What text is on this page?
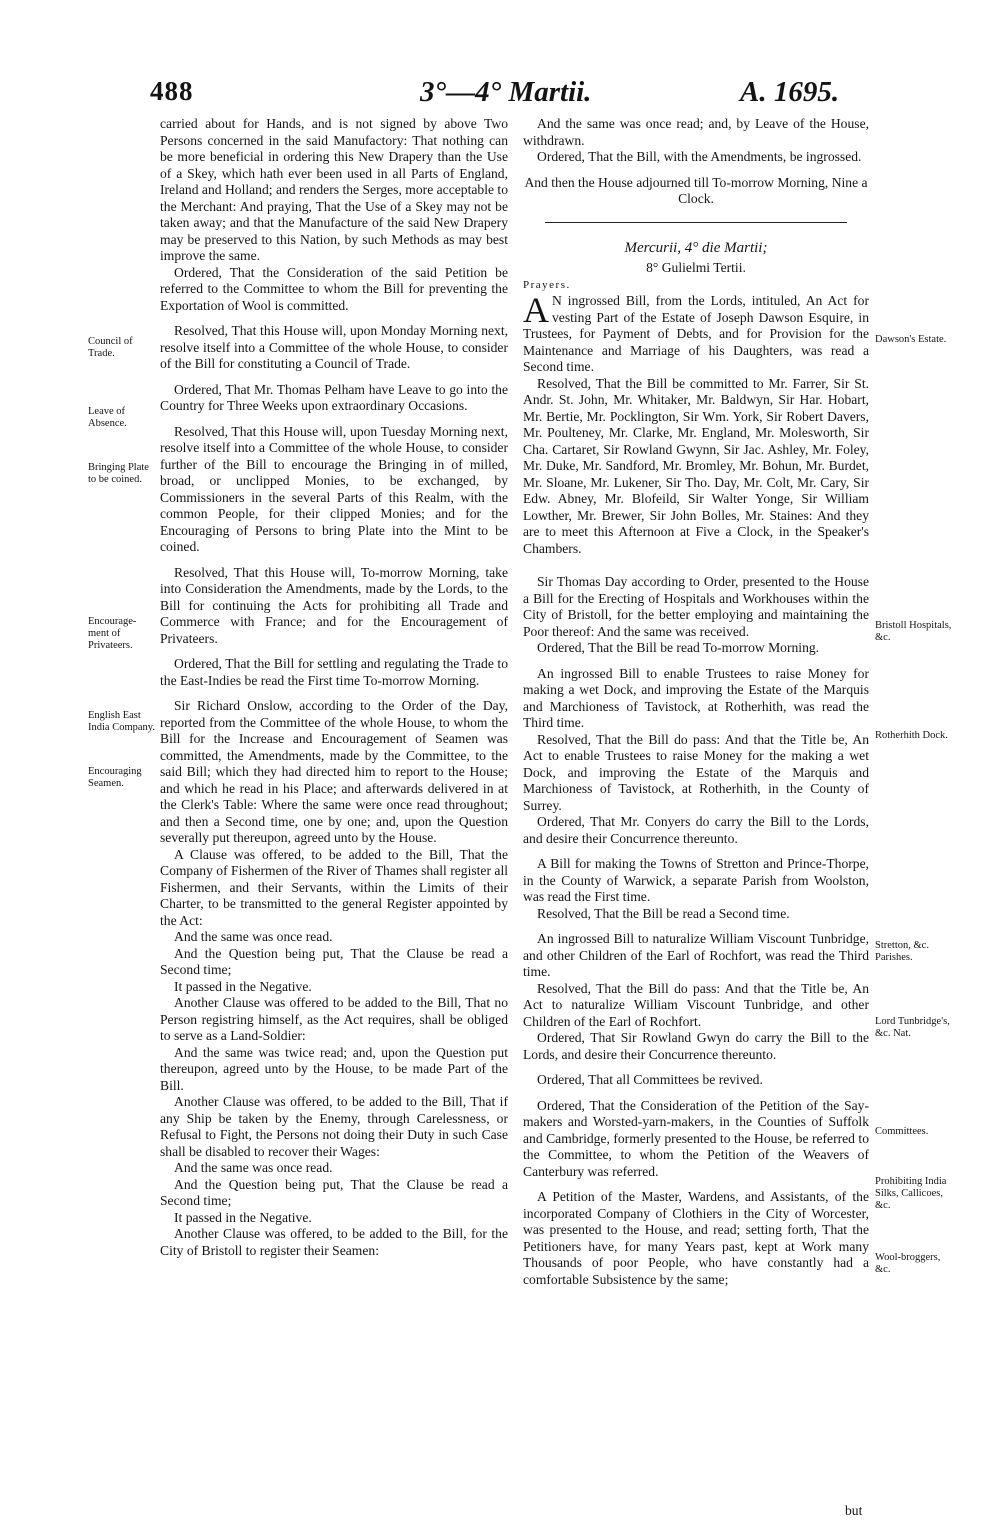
488	3°—4° Martii.	A. 1695.
Council of Trade.
Leave of Absence.
Bringing Plate to be coined.
Encourage-ment of Privateers.
English East India Company.
Encouraging Seamen.
Dawson's Estate.
Bristoll Hospitals, &c.
Rotherhith Dock.
Stretton, &c. Parishes.
Lord Tunbridge's, &c. Nat.
Committees.
Prohibiting India Silks, Callicoes, &c.
Wool-broggers, &c.

carried about for Hands, and is not signed by above Two Persons concerned in the said Manufactory: That nothing can be more beneficial in ordering this New Drapery than the Use of a Skey, which hath ever been used in all Parts of England, Ireland and Holland; and renders the Serges, more acceptable to the Merchant: And praying, That the Use of a Skey may not be taken away; and that the Manufacture of the said New Drapery may be preserved to this Nation, by such Methods as may best improve the same.

Ordered, That the Consideration of the said Petition be referred to the Committee to whom the Bill for preventing the Exportation of Wool is committed.

Resolved, That this House will, upon Monday Morning next, resolve itself into a Committee of the whole House, to consider of the Bill for constituting a Council of Trade.

Ordered, That Mr. Thomas Pelham have Leave to go into the Country for Three Weeks upon extraordinary Occasions.

Resolved, That this House will, upon Tuesday Morning next, resolve itself into a Committee of the whole House, to consider further of the Bill to encourage the Bringing in of milled, broad, or unclipped Monies, to be exchanged, by Commissioners in the several Parts of this Realm, with the common People, for their clipped Monies; and for the Encouraging of Persons to bring Plate into the Mint to be coined.

Resolved, That this House will, To-morrow Morning, take into Consideration the Amendments, made by the Lords, to the Bill for continuing the Acts for prohibiting all Trade and Commerce with France; and for the Encouragement of Privateers.

Ordered, That the Bill for settling and regulating the Trade to the East-Indies be read the First time To-morrow Morning.

Sir Richard Onslow, according to the Order of the Day, reported from the Committee of the whole House, to whom the Bill for the Increase and Encouragement of Seamen was committed, the Amendments, made by the Committee, to the said Bill; which they had directed him to report to the House; and which he read in his Place; and afterwards delivered in at the Clerk's Table: Where the same were once read throughout; and then a Second time, one by one; and, upon the Question severally put thereupon, agreed unto by the House.

A Clause was offered, to be added to the Bill, That the Company of Fishermen of the River of Thames shall register all Fishermen, and their Servants, within the Limits of their Charter, to be transmitted to the general Register appointed by the Act:

And the same was once read.

And the Question being put, That the Clause be read a Second time;

It passed in the Negative.

Another Clause was offered to be added to the Bill, That no Person registring himself, as the Act requires, shall be obliged to serve as a Land-Soldier:

And the same was twice read; and, upon the Question put thereupon, agreed unto by the House, to be made Part of the Bill.

Another Clause was offered, to be added to the Bill, That if any Ship be taken by the Enemy, through Carelessness, or Refusal to Fight, the Persons not doing their Duty in such Case shall be disabled to recover their Wages:

And the same was once read.

And the Question being put, That the Clause be read a Second time;

It passed in the Negative.

Another Clause was offered, to be added to the Bill, for the City of Bristoll to register their Seamen:

And the same was once read; and, by Leave of the House, withdrawn.

Ordered, That the Bill, with the Amendments, be ingrossed.

And then the House adjourned till To-morrow Morning, Nine a Clock.

Mercurii, 4° die Martii;

8° Gulielmi Tertii.

Prayers.

A N ingrossed Bill, from the Lords, intituled, An Act for vesting Part of the Estate of Joseph Dawson Esquire, in Trustees, for Payment of Debts, and for Provision for the Maintenance and Marriage of his Daughters, was read a Second time.

Resolved, That the Bill be committed to Mr. Farrer, Sir St. Andr. St. John, Mr. Whitaker, Mr. Baldwyn, Sir Har. Hobart, Mr. Bertie, Mr. Pocklington, Sir Wm. York, Sir Robert Davers, Mr. Poulteney, Mr. Clarke, Mr. England, Mr. Molesworth, Sir Cha. Cartaret, Sir Rowland Gwynn, Sir Jac. Ashley, Mr. Foley, Mr. Duke, Mr. Sandford, Mr. Bromley, Mr. Bohun, Mr. Burdet, Mr. Sloane, Mr. Lukener, Sir Tho. Day, Mr. Colt, Mr. Cary, Sir Edw. Abney, Mr. Blofeild, Sir Walter Yonge, Sir William Lowther, Mr. Brewer, Sir John Bolles, Mr. Staines: And they are to meet this Afternoon at Five a Clock, in the Speaker's Chambers.

Sir Thomas Day according to Order, presented to the House a Bill for the Erecting of Hospitals and Workhouses within the City of Bristoll, for the better employing and maintaining the Poor thereof: And the same was received.

Ordered, That the Bill be read To-morrow Morning.

An ingrossed Bill to enable Trustees to raise Money for making a wet Dock, and improving the Estate of the Marquis and Marchioness of Tavistock, at Rotherhith, was read the Third time.

Resolved, That the Bill do pass: And that the Title be, An Act to enable Trustees to raise Money for the making a wet Dock, and improving the Estate of the Marquis and Marchioness of Tavistock, at Rotherhith, in the County of Surrey.

Ordered, That Mr. Conyers do carry the Bill to the Lords, and desire their Concurrence thereunto.

A Bill for making the Towns of Stretton and Prince-Thorpe, in the County of Warwick, a separate Parish from Woolston, was read the First time.

Resolved, That the Bill be read a Second time.

An ingrossed Bill to naturalize William Viscount Tunbridge, and other Children of the Earl of Rochfort, was read the Third time.

Resolved, That the Bill do pass: And that the Title be, An Act to naturalize William Viscount Tunbridge, and other Children of the Earl of Rochfort.

Ordered, That Sir Rowland Gwyn do carry the Bill to the Lords, and desire their Concurrence thereunto.

Ordered, That all Committees be revived.

Ordered, That the Consideration of the Petition of the Say-makers and Worsted-yarn-makers, in the Counties of Suffolk and Cambridge, formerly presented to the House, be referred to the Committee, to whom the Petition of the Weavers of Canterbury was referred.

A Petition of the Master, Wardens, and Assistants, of the incorporated Company of Clothiers in the City of Worcester, was presented to the House, and read; setting forth, That the Petitioners have, for many Years past, kept at Work many Thousands of poor People, who have constantly had a comfortable Subsistence by the same;

but
